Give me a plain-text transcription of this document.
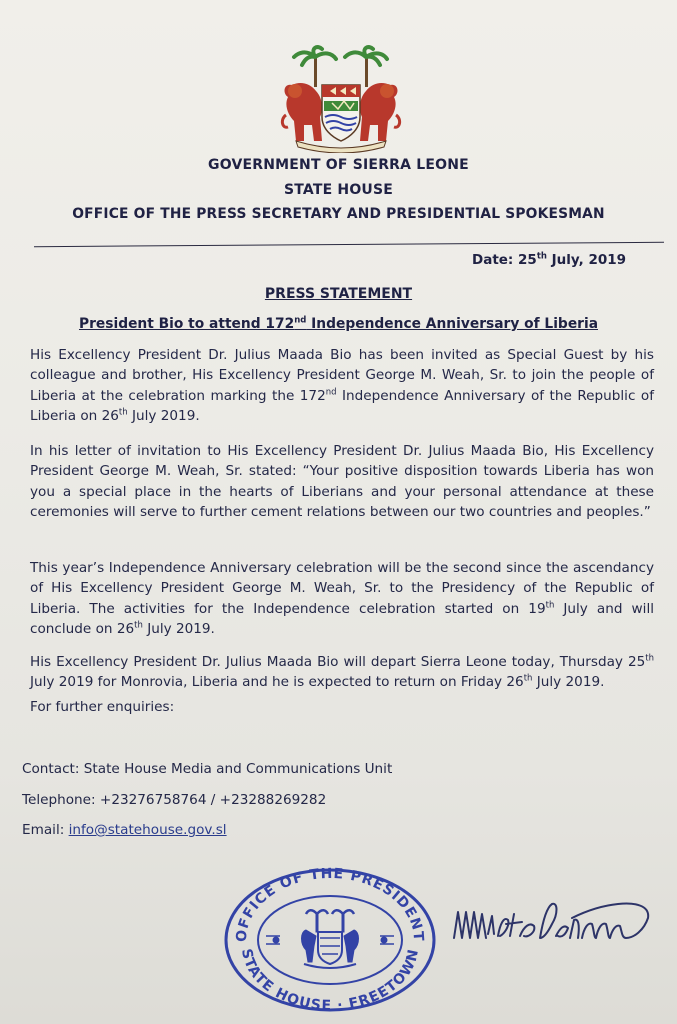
GOVERNMENT OF SIERRA LEONE
STATE HOUSE
OFFICE OF THE PRESS SECRETARY AND PRESIDENTIAL SPOKESMAN
Date: 25th July, 2019
PRESS STATEMENT
President Bio to attend 172nd Independence Anniversary of Liberia

His Excellency President Dr. Julius Maada Bio has been invited as Special Guest by his colleague and brother, His Excellency President George M. Weah, Sr. to join the people of Liberia at the celebration marking the 172nd Independence Anniversary of the Republic of Liberia on 26th July 2019.

In his letter of invitation to His Excellency President Dr. Julius Maada Bio, His Excellency President George M. Weah, Sr. stated: “Your positive disposition towards Liberia has won you a special place in the hearts of Liberians and your personal attendance at these ceremonies will serve to further cement relations between our two countries and peoples.”

This year’s Independence Anniversary celebration will be the second since the ascendancy of His Excellency President George M. Weah, Sr. to the Presidency of the Republic of Liberia. The activities for the Independence celebration started on 19th July and will conclude on 26th July 2019.

His Excellency President Dr. Julius Maada Bio will depart Sierra Leone today, Thursday 25th July 2019 for Monrovia, Liberia and he is expected to return on Friday 26th July 2019.

For further enquiries:

Contact: State House Media and Communications Unit
Telephone: +23276758764 / +23288269282
Email: info@statehouse.gov.sl
OFFICE OF THE PRESIDENT
STATE HOUSE · FREETOWN
